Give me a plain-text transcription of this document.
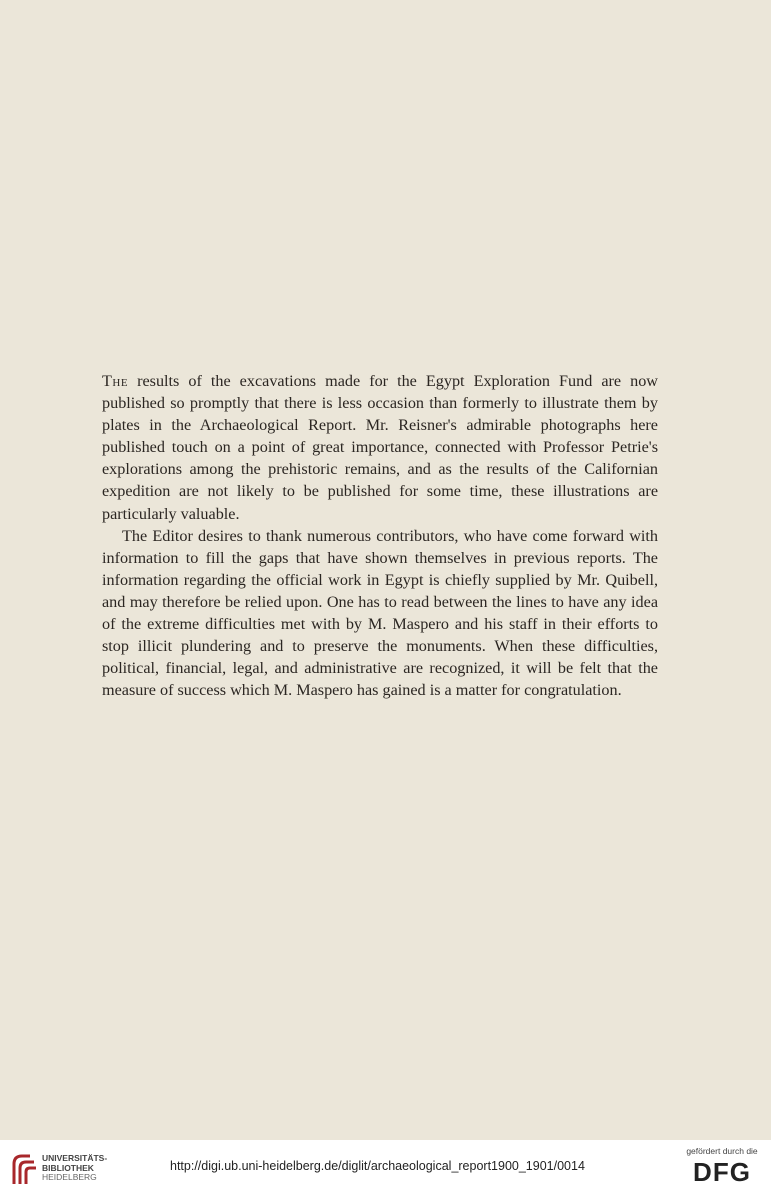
The results of the excavations made for the Egypt Exploration Fund are now published so promptly that there is less occasion than formerly to illustrate them by plates in the Archaeological Report. Mr. Reisner's admirable photographs here published touch on a point of great importance, connected with Professor Petrie's explorations among the prehistoric remains, and as the results of the Californian expedition are not likely to be published for some time, these illustrations are particularly valuable.

The Editor desires to thank numerous contributors, who have come forward with information to fill the gaps that have shown themselves in previous reports. The information regarding the official work in Egypt is chiefly supplied by Mr. Quibell, and may therefore be relied upon. One has to read between the lines to have any idea of the extreme difficulties met with by M. Maspero and his staff in their efforts to stop illicit plundering and to preserve the monuments. When these difficulties, political, financial, legal, and administrative are recognized, it will be felt that the measure of success which M. Maspero has gained is a matter for congratulation.

UNIVERSITÄTS-
BIBLIOTHEK
HEIDELBERG
http://digi.ub.uni-heidelberg.de/diglit/archaeological_report1900_1901/0014
gefördert durch die
DFG
